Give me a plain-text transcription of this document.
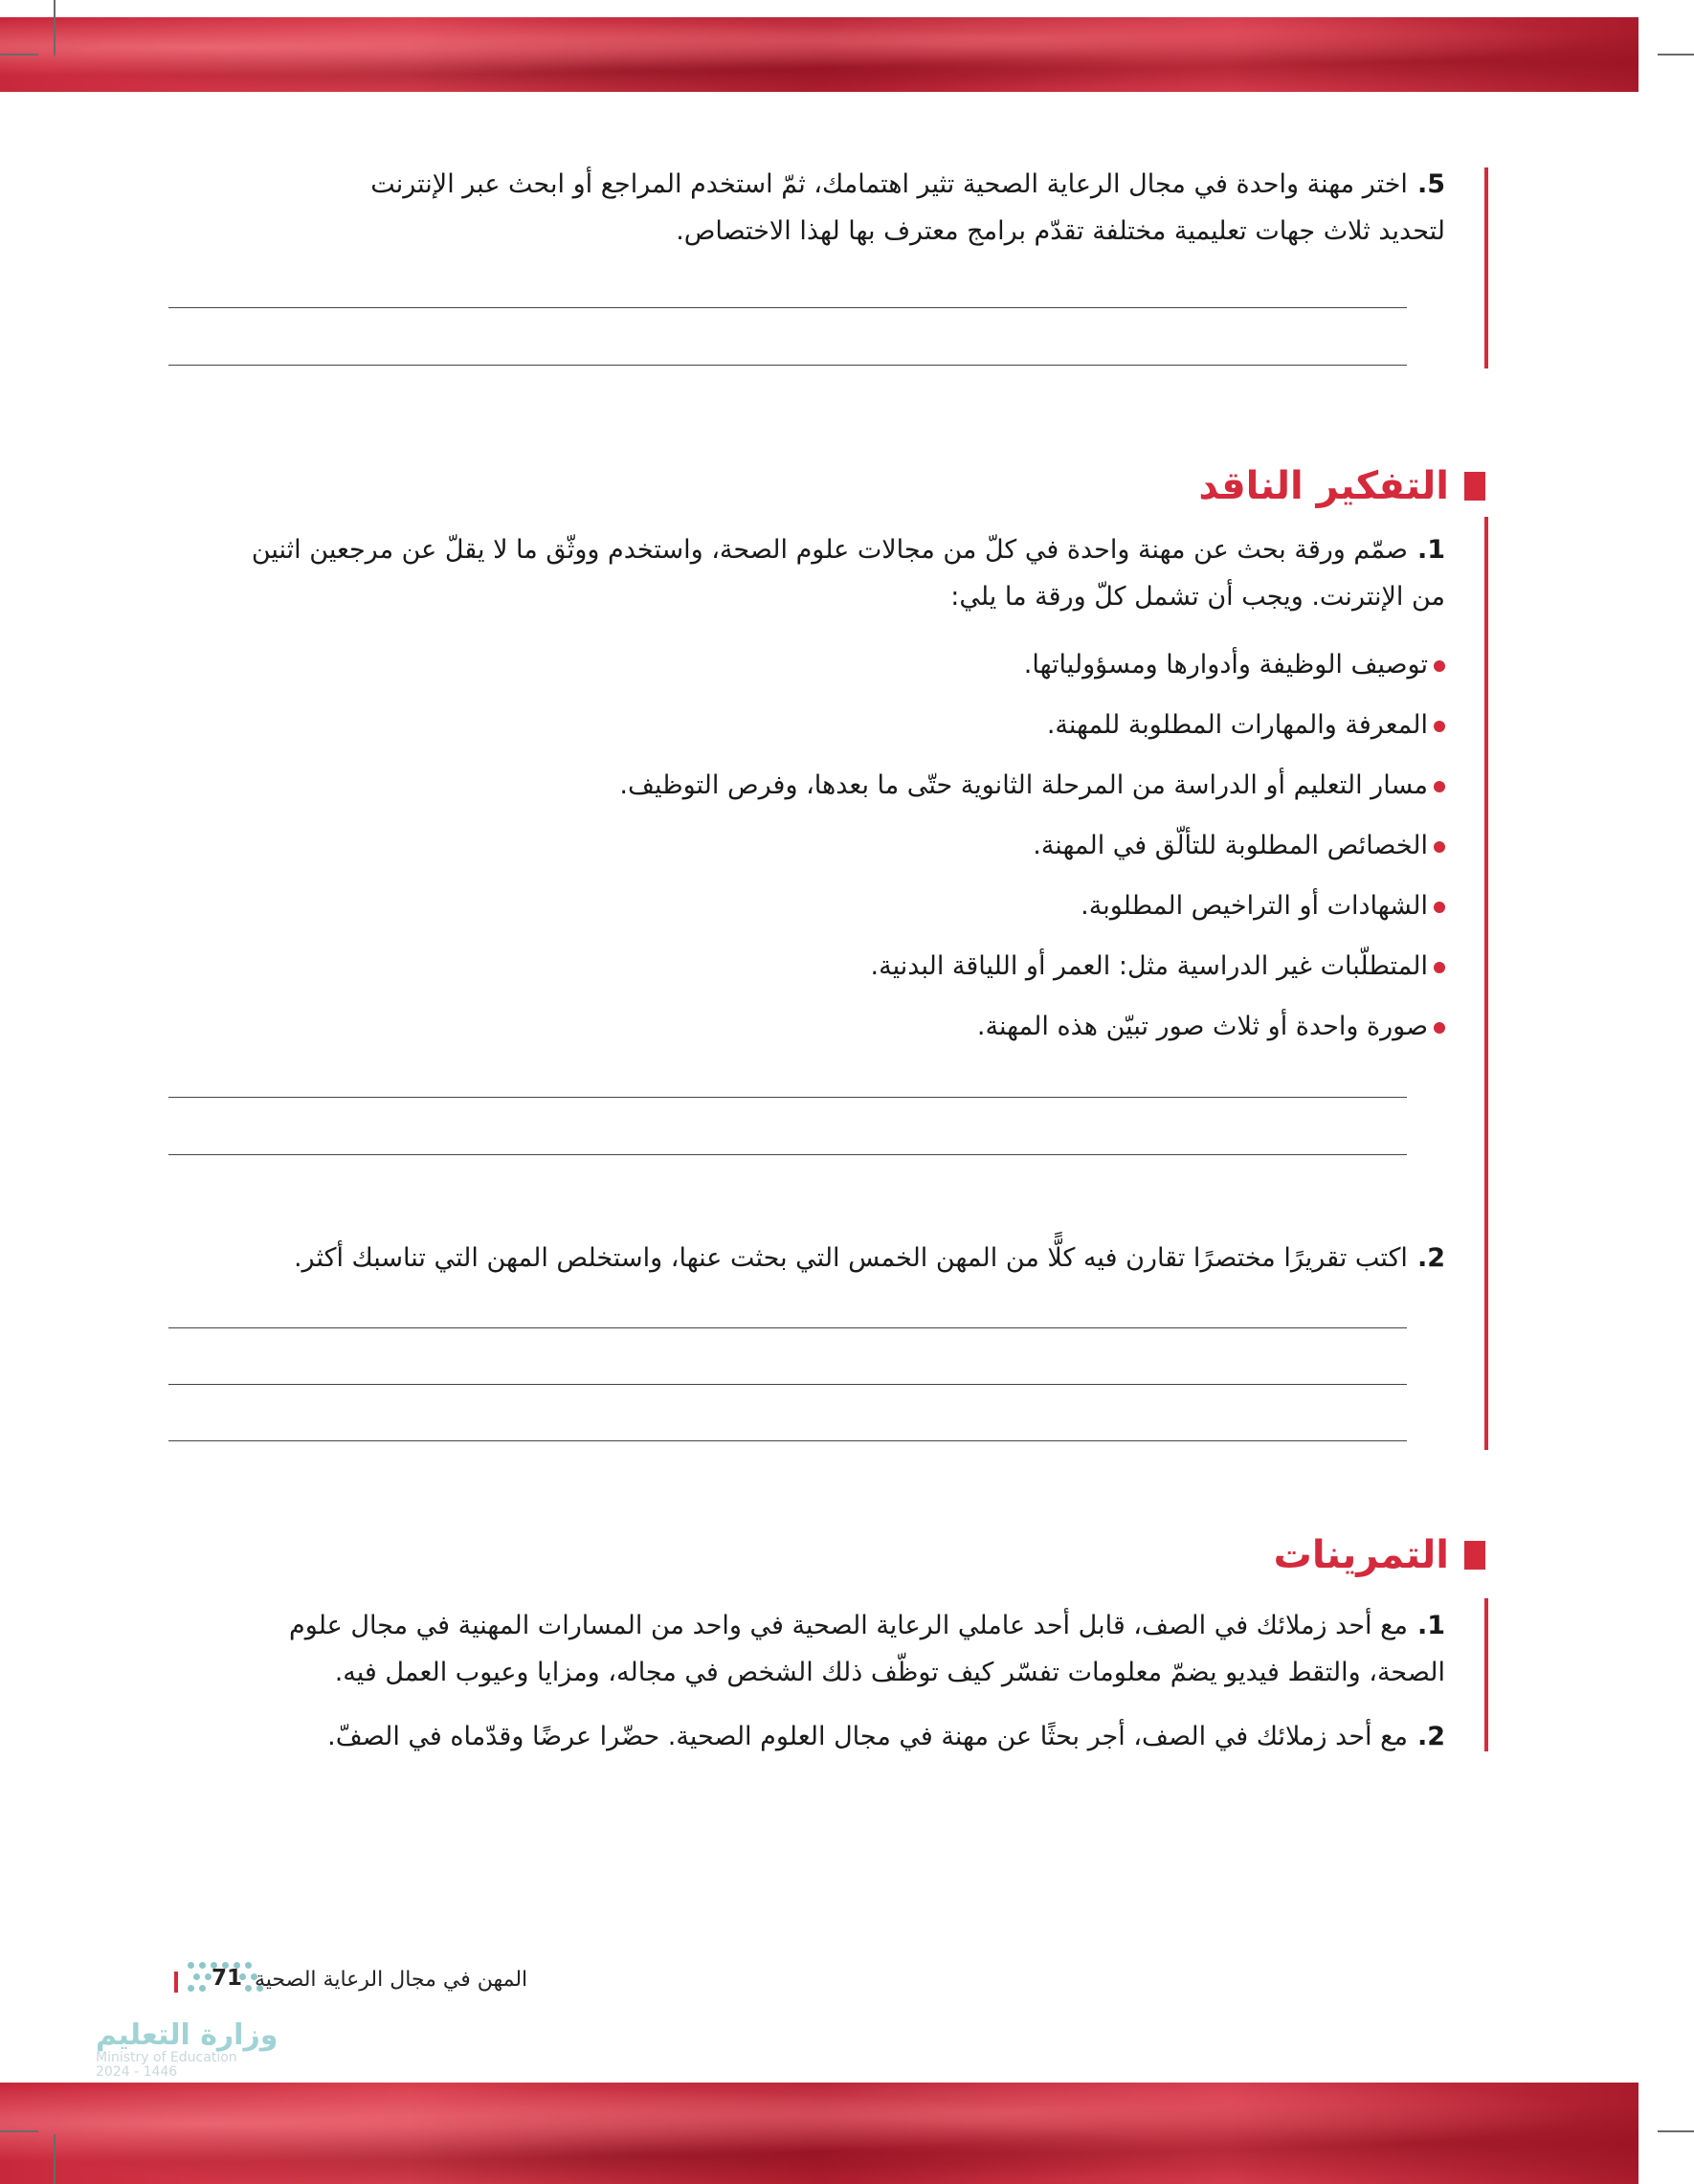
5.اختر مهنة واحدة في مجال الرعاية الصحية تثير اهتمامك، ثمّ استخدم المراجع أو ابحث عبر الإنترنت
لتحديد ثلاث جهات تعليمية مختلفة تقدّم برامج معترف بها لهذا الاختصاص.
التفكير الناقد
1.صمّم ورقة بحث عن مهنة واحدة في كلّ من مجالات علوم الصحة، واستخدم ووثّق ما لا يقلّ عن مرجعين اثنين
من الإنترنت. ويجب أن تشمل كلّ ورقة ما يلي:
توصيف الوظيفة وأدوارها ومسؤولياتها.
المعرفة والمهارات المطلوبة للمهنة.
مسار التعليم أو الدراسة من المرحلة الثانوية حتّى ما بعدها، وفرص التوظيف.
الخصائص المطلوبة للتألّق في المهنة.
الشهادات أو التراخيص المطلوبة.
المتطلّبات غير الدراسية مثل: العمر أو اللياقة البدنية.
صورة واحدة أو ثلاث صور تبيّن هذه المهنة.
2.اكتب تقريرًا مختصرًا تقارن فيه كلًّا من المهن الخمس التي بحثت عنها، واستخلص المهن التي تناسبك أكثر.
التمرينات
1.مع أحد زملائك في الصف، قابل أحد عاملي الرعاية الصحية في واحد من المسارات المهنية في مجال علوم
الصحة، والتقط فيديو يضمّ معلومات تفسّر كيف توظّف ذلك الشخص في مجاله، ومزايا وعيوب العمل فيه.
2.مع أحد زملائك في الصف، أجر بحثًا عن مهنة في مجال العلوم الصحية. حضّرا عرضًا وقدّماه في الصفّ.
71 المهن في مجال الرعاية الصحية
وزارة التعليم
Ministry of Education
2024 - 1446
